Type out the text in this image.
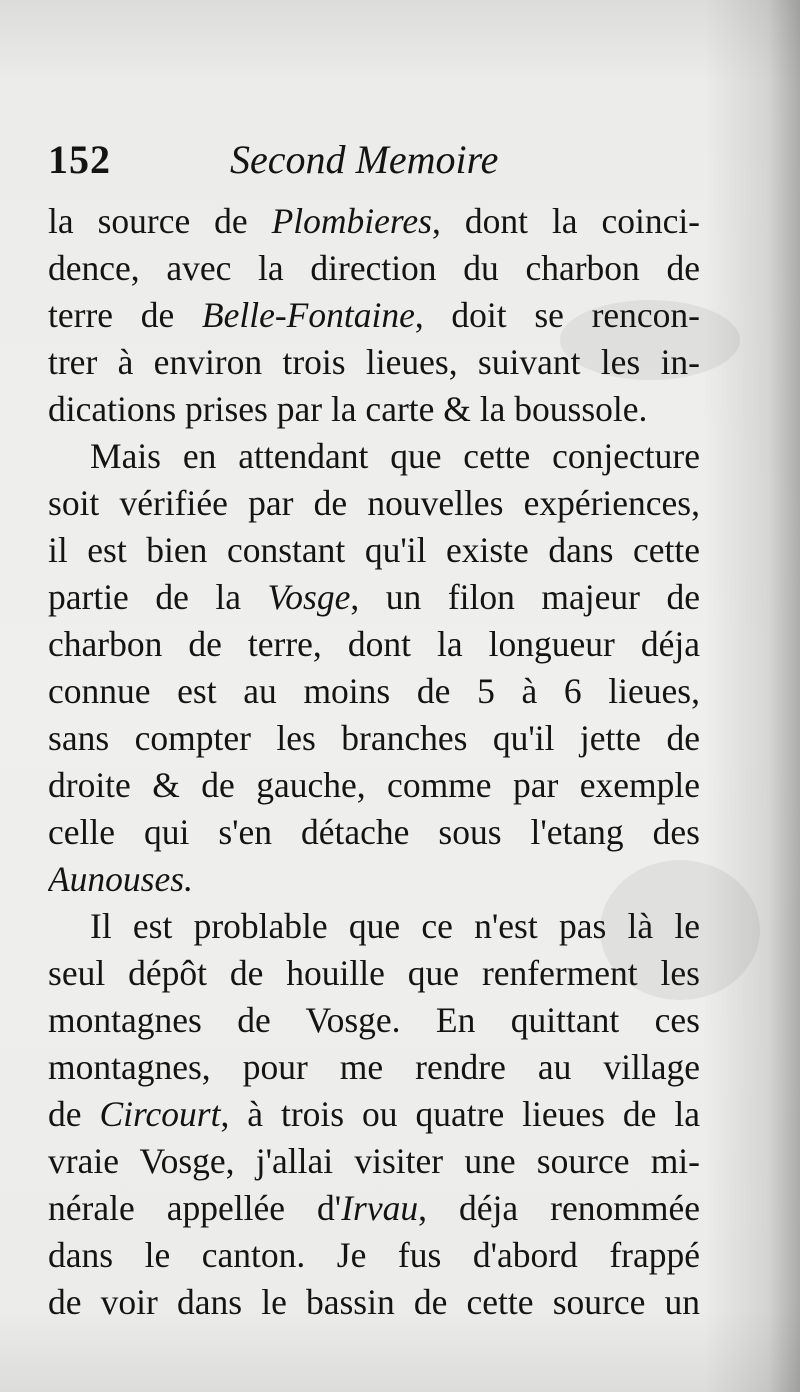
152	Second Memoire
la source de Plombieres, dont la coinci-
dence, avec la direction du charbon de
terre de Belle-Fontaine, doit se rencon-
trer à environ trois lieues, suivant les in-
dications prises par la carte & la boussole.
Mais en attendant que cette conjecture
soit vérifiée par de nouvelles expériences,
il est bien constant qu'il existe dans cette
partie de la Vosge, un filon majeur de
charbon de terre, dont la longueur déja
connue est au moins de 5 à 6 lieues,
sans compter les branches qu'il jette de
droite & de gauche, comme par exemple
celle qui s'en détache sous l'etang des
Aunouses.
Il est problable que ce n'est pas là le
seul dépôt de houille que renferment les
montagnes de Vosge. En quittant ces
montagnes, pour me rendre au village
de Circourt, à trois ou quatre lieues de la
vraie Vosge, j'allai visiter une source mi-
nérale appellée d'Irvau, déja renommée
dans le canton. Je fus d'abord frappé
de voir dans le bassin de cette source un
